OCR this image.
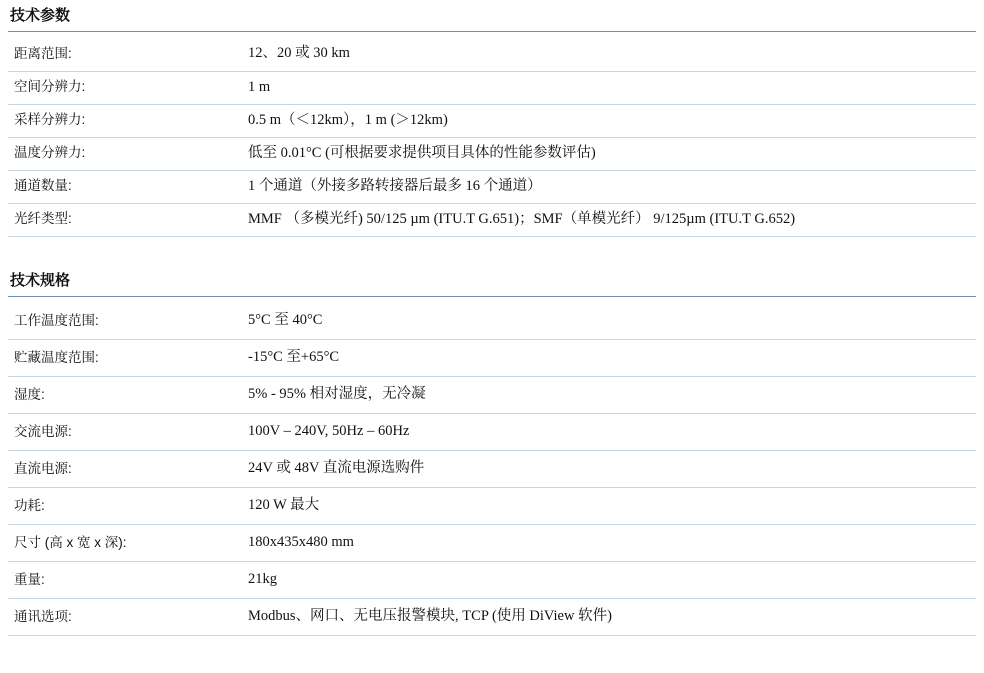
技术参数
距离范围:	12、20 或 30 km
空间分辨力:	1 m
采样分辨力:	0.5 m（＜12km），1 m (＞12km)
温度分辨力:	低至 0.01°C (可根据要求提供项目具体的性能参数评估)
通道数量:	1 个通道（外接多路转接器后最多 16 个通道）
光纤类型:	MMF （多模光纤) 50/125 µm (ITU.T G.651)；SMF（单模光纤） 9/125µm (ITU.T G.652)
技术规格
工作温度范围:	5°C 至 40°C
贮藏温度范围:	-15°C 至+65°C
湿度:	5% - 95% 相对湿度，无冷凝
交流电源:	100V – 240V, 50Hz – 60Hz
直流电源:	24V 或 48V 直流电源选购件
功耗:	120 W 最大
尺寸 (高 x 宽 x 深):	180x435x480 mm
重量:	21kg
通讯选项:	Modbus、网口、无电压报警模块, TCP (使用 DiView 软件)
